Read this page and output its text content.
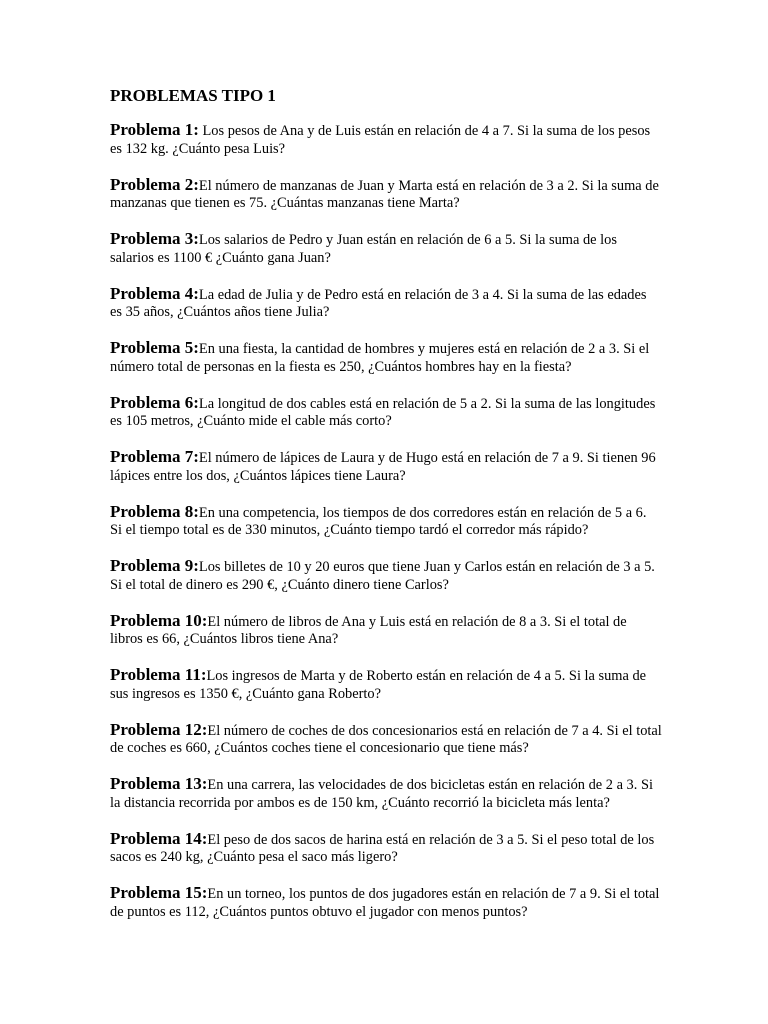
PROBLEMAS TIPO 1
Problema 1: Los pesos de Ana y de Luis están en relación de 4 a 7. Si la suma de los pesos es 132 kg. ¿Cuánto pesa Luis?
Problema 2:El número de manzanas de Juan y Marta está en relación de 3 a 2. Si la suma de manzanas que tienen es 75. ¿Cuántas manzanas tiene Marta?
Problema 3:Los salarios de Pedro y Juan están en relación de 6 a 5. Si la suma de los salarios es 1100 € ¿Cuánto gana Juan?
Problema 4:La edad de Julia y de Pedro está en relación de 3 a 4. Si la suma de las edades es 35 años, ¿Cuántos años tiene Julia?
Problema 5:En una fiesta, la cantidad de hombres y mujeres está en relación de 2 a 3. Si el número total de personas en la fiesta es 250, ¿Cuántos hombres hay en la fiesta?
Problema 6:La longitud de dos cables está en relación de 5 a 2. Si la suma de las longitudes es 105 metros, ¿Cuánto mide el cable más corto?
Problema 7:El número de lápices de Laura y de Hugo está en relación de 7 a 9. Si tienen 96 lápices entre los dos, ¿Cuántos lápices tiene Laura?
Problema 8:En una competencia, los tiempos de dos corredores están en relación de 5 a 6. Si el tiempo total es de 330 minutos, ¿Cuánto tiempo tardó el corredor más rápido?
Problema 9:Los billetes de 10 y 20 euros que tiene Juan y Carlos están en relación de 3 a 5. Si el total de dinero es 290 €, ¿Cuánto dinero tiene Carlos?
Problema 10:El número de libros de Ana y Luis está en relación de 8 a 3. Si el total de libros es 66, ¿Cuántos libros tiene Ana?
Problema 11:Los ingresos de Marta y de Roberto están en relación de 4 a 5. Si la suma de sus ingresos es 1350 €, ¿Cuánto gana Roberto?
Problema 12:El número de coches de dos concesionarios está en relación de 7 a 4. Si el total de coches es 660, ¿Cuántos coches tiene el concesionario que tiene más?
Problema 13:En una carrera, las velocidades de dos bicicletas están en relación de 2 a 3. Si la distancia recorrida por ambos es de 150 km, ¿Cuánto recorrió la bicicleta más lenta?
Problema 14:El peso de dos sacos de harina está en relación de 3 a 5. Si el peso total de los sacos es 240 kg, ¿Cuánto pesa el saco más ligero?
Problema 15:En un torneo, los puntos de dos jugadores están en relación de 7 a 9. Si el total de puntos es 112, ¿Cuántos puntos obtuvo el jugador con menos puntos?
